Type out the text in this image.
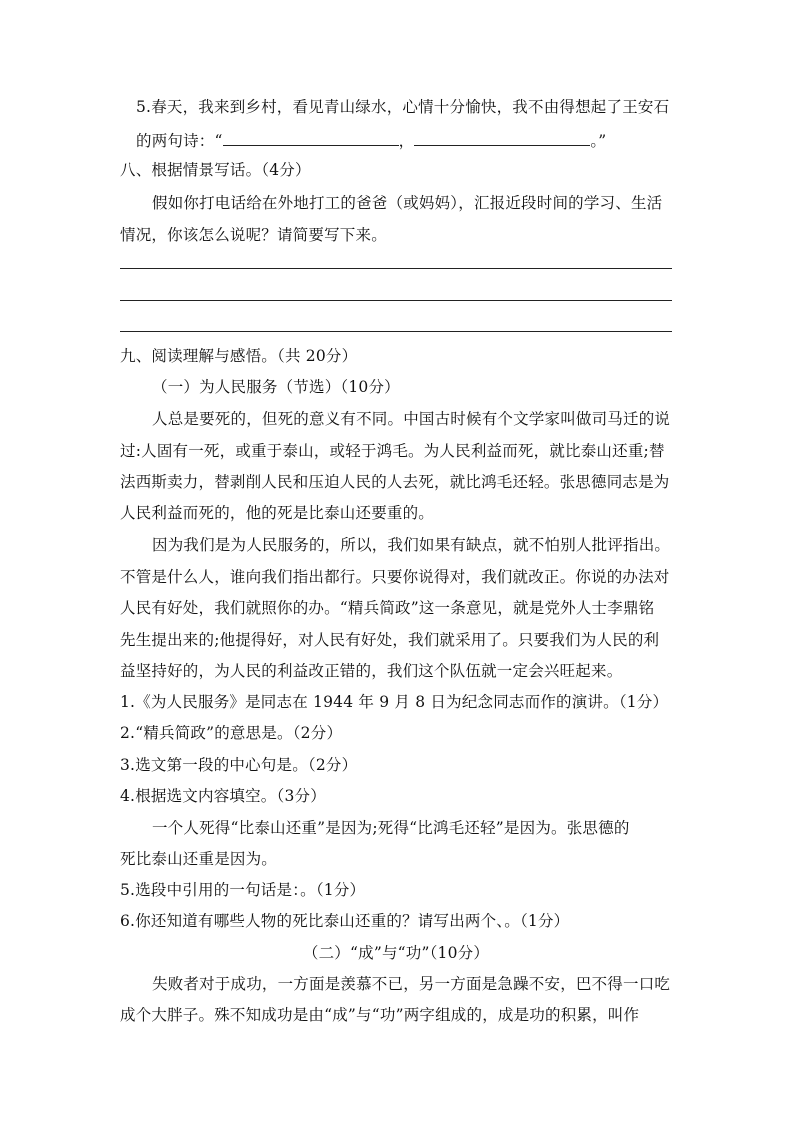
5.春天，我来到乡村，看见青山绿水，心情十分愉快，我不由得想起了王安石
的两句诗：“	，	。”
八、根据情景写话。（4分）
假如你打电话给在外地打工的爸爸（或妈妈），汇报近段时间的学习、生活
情况，你该怎么说呢？请简要写下来。
九、阅读理解与感悟。（共 20分）
（一）为人民服务（节选）（10分）
人总是要死的，但死的意义有不同。中国古时候有个文学家叫做司马迁的说
过:人固有一死，或重于泰山，或轻于鸿毛。为人民利益而死，就比泰山还重;替
法西斯卖力，替剥削人民和压迫人民的人去死，就比鸿毛还轻。张思德同志是为
人民利益而死的，他的死是比泰山还要重的。
因为我们是为人民服务的，所以，我们如果有缺点，就不怕别人批评指出。
不管是什么人，谁向我们指出都行。只要你说得对，我们就改正。你说的办法对
人民有好处，我们就照你的办。“精兵简政”这一条意见，就是党外人士李鼎铭
先生提出来的;他提得好，对人民有好处，我们就采用了。只要我们为人民的利
益坚持好的，为人民的利益改正错的，我们这个队伍就一定会兴旺起来。
1.《为人民服务》是同志在 1944 年 9 月 8 日为纪念同志而作的演讲。（1分）
2.“精兵简政”的意思是。（2分）
3.选文第一段的中心句是。（2分）
4.根据选文内容填空。（3分）
一个人死得“比泰山还重”是因为;死得“比鸿毛还轻”是因为。张思德的
死比泰山还重是因为。
5.选段中引用的一句话是：。（1分）
6.你还知道有哪些人物的死比泰山还重的？请写出两个、。（1分）
（二）“成”与“功”（10分）
失败者对于成功，一方面是羡慕不已，另一方面是急躁不安，巴不得一口吃
成个大胖子。殊不知成功是由“成”与“功”两字组成的，成是功的积累，叫作
